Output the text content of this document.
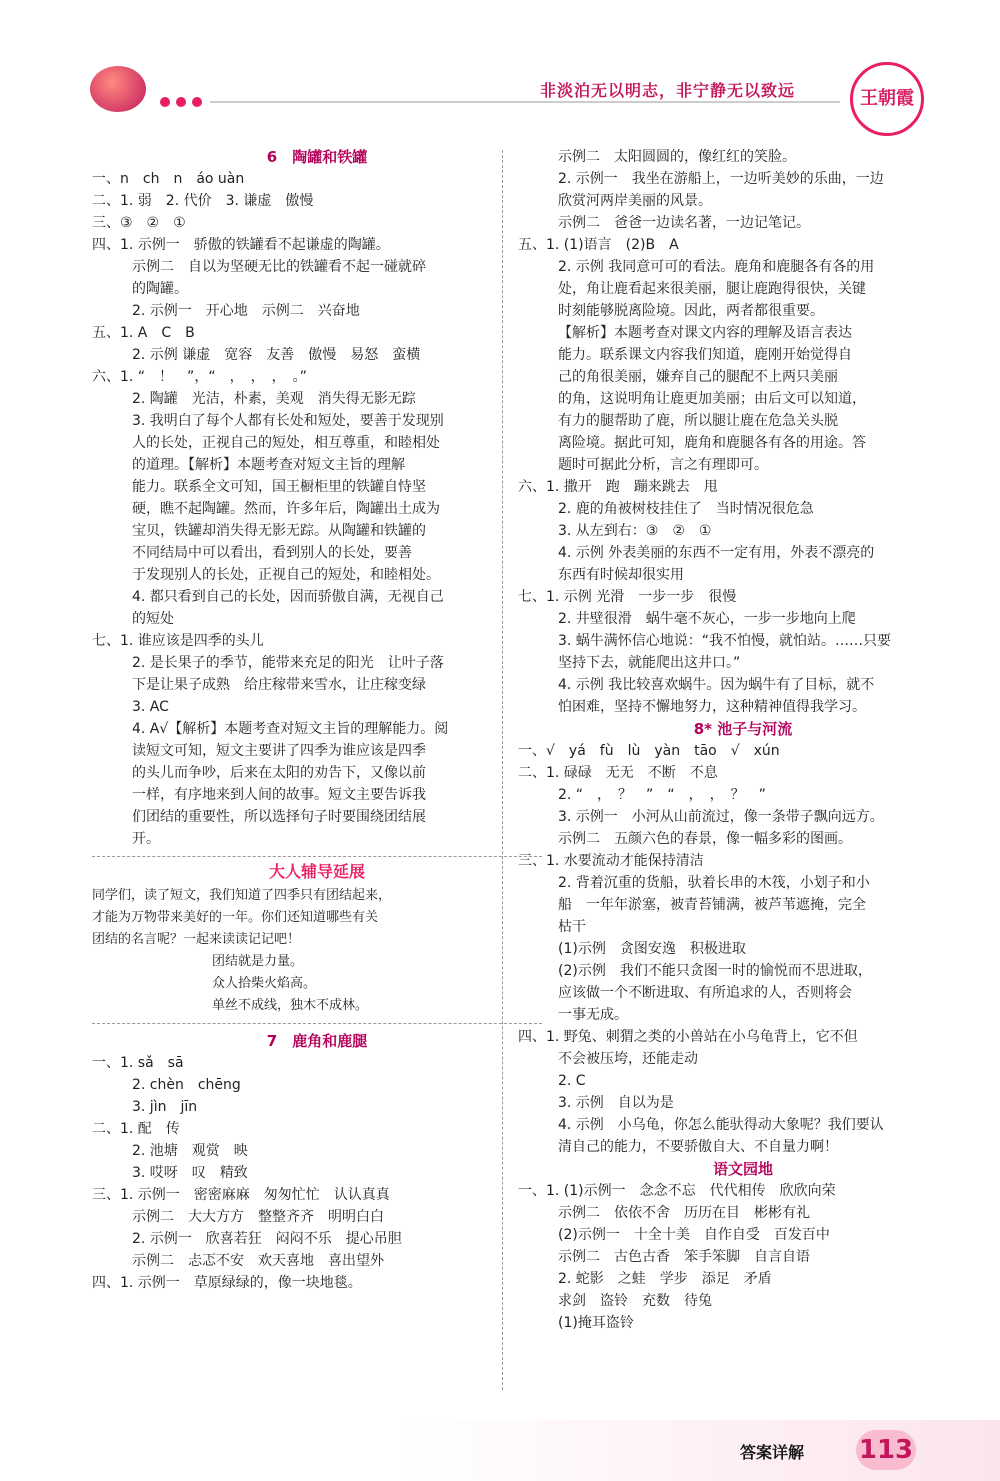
非淡泊无以明志，非宁静无以致远	王朝霞
6　陶罐和铁罐
一、n　ch　n　áo uàn
二、1. 弱　2. 代价　3. 谦虚　傲慢
三、③　②　①
四、1. 示例一　骄傲的铁罐看不起谦虚的陶罐。
示例二　自以为坚硬无比的铁罐看不起一碰就碎
的陶罐。
2. 示例一　开心地　示例二　兴奋地
五、1. A　C　B
2. 示例 谦虚　宽容　友善　傲慢　易怒　蛮横
六、1. “　！　”，“　，　，　，　。”
2. 陶罐　光洁，朴素，美观　消失得无影无踪
3. 我明白了每个人都有长处和短处，要善于发现别
人的长处，正视自己的短处，相互尊重，和睦相处
的道理。【解析】本题考查对短文主旨的理解
能力。联系全文可知，国王橱柜里的铁罐自恃坚
硬，瞧不起陶罐。然而，许多年后，陶罐出土成为
宝贝，铁罐却消失得无影无踪。从陶罐和铁罐的
不同结局中可以看出，看到别人的长处，要善
于发现别人的长处，正视自己的短处，和睦相处。
4. 都只看到自己的长处，因而骄傲自满，无视自己
的短处
七、1. 谁应该是四季的头儿
2. 是长果子的季节，能带来充足的阳光　让叶子落
下是让果子成熟　给庄稼带来雪水，让庄稼变绿
3. AC
4. A√【解析】本题考查对短文主旨的理解能力。阅
读短文可知，短文主要讲了四季为谁应该是四季
的头儿而争吵，后来在太阳的劝告下，又像以前
一样，有序地来到人间的故事。短文主要告诉我
们团结的重要性，所以选择句子时要围绕团结展
开。
大人辅导延展
同学们，读了短文，我们知道了四季只有团结起来，
才能为万物带来美好的一年。你们还知道哪些有关
团结的名言呢？一起来读读记记吧！
团结就是力量。
众人拾柴火焰高。
单丝不成线，独木不成林。
7　鹿角和鹿腿
一、1. sǎ　sā
2. chèn　chēng
3. jìn　jīn
二、1. 配　传
2. 池塘　观赏　映
3. 哎呀　叹　精致
三、1. 示例一　密密麻麻　匆匆忙忙　认认真真
示例二　大大方方　整整齐齐　明明白白
2. 示例一　欣喜若狂　闷闷不乐　提心吊胆
示例二　忐忑不安　欢天喜地　喜出望外
四、1. 示例一　草原绿绿的，像一块地毯。
示例二　太阳圆圆的，像红红的笑脸。
2. 示例一　我坐在游船上，一边听美妙的乐曲，一边
欣赏河两岸美丽的风景。
示例二　爸爸一边读名著，一边记笔记。
五、1. (1)语言　(2)B　A
2. 示例 我同意可可的看法。鹿角和鹿腿各有各的用
处，角让鹿看起来很美丽，腿让鹿跑得很快，关键
时刻能够脱离险境。因此，两者都很重要。
【解析】本题考查对课文内容的理解及语言表达
能力。联系课文内容我们知道，鹿刚开始觉得自
己的角很美丽，嫌弃自己的腿配不上两只美丽
的角，这说明角让鹿更加美丽；由后文可以知道，
有力的腿帮助了鹿，所以腿让鹿在危急关头脱
离险境。据此可知，鹿角和鹿腿各有各的用途。答
题时可据此分析，言之有理即可。
六、1. 撒开　跑　蹦来跳去　甩
2. 鹿的角被树枝挂住了　当时情况很危急
3. 从左到右：③　②　①
4. 示例 外表美丽的东西不一定有用，外表不漂亮的
东西有时候却很实用
七、1. 示例 光滑　一步一步　很慢
2. 井壁很滑　蜗牛毫不灰心，一步一步地向上爬
3. 蜗牛满怀信心地说：“我不怕慢，就怕站。……只要
坚持下去，就能爬出这井口。”
4. 示例 我比较喜欢蜗牛。因为蜗牛有了目标，就不
怕困难，坚持不懈地努力，这种精神值得我学习。
8* 池子与河流
一、√　yá　fù　lù　yàn　tāo　√　xún
二、1. 碌碌　无无　不断　不息
2. “　，　？　”　“　，　，　？　”
3. 示例一　小河从山前流过，像一条带子飘向远方。
示例二　五颜六色的春景，像一幅多彩的图画。
三、1. 水要流动才能保持清洁
2. 背着沉重的货船，驮着长串的木筏，小划子和小
船　一年年淤塞，被青苔铺满，被芦苇遮掩，完全
枯干
(1)示例　贪图安逸　积极进取
(2)示例　我们不能只贪图一时的愉悦而不思进取，
应该做一个不断进取、有所追求的人，否则将会
一事无成。
四、1. 野兔、刺猬之类的小兽站在小乌龟背上，它不但
不会被压垮，还能走动
2. C
3. 示例　自以为是
4. 示例　小乌龟，你怎么能驮得动大象呢？我们要认
清自己的能力，不要骄傲自大、不自量力啊！
语文园地
一、1. (1)示例一　念念不忘　代代相传　欣欣向荣
示例二　依依不舍　历历在目　彬彬有礼
(2)示例一　十全十美　自作自受　百发百中
示例二　古色古香　笨手笨脚　自言自语
2. 蛇影　之蛙　学步　添足　矛盾
求剑　盗铃　充数　待兔
(1)掩耳盗铃
答案详解 113
